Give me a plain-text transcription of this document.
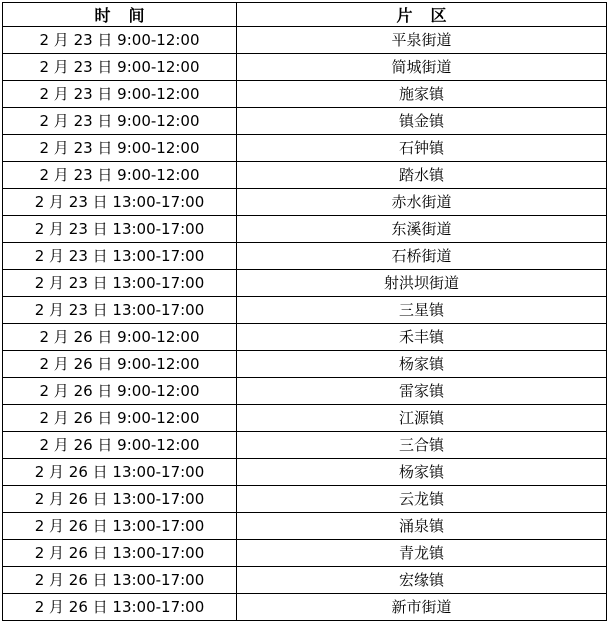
时 间	片 区
2 月 23 日 9:00-12:00	平泉街道
2 月 23 日 9:00-12:00	简城街道
2 月 23 日 9:00-12:00	施家镇
2 月 23 日 9:00-12:00	镇金镇
2 月 23 日 9:00-12:00	石钟镇
2 月 23 日 9:00-12:00	踏水镇
2 月 23 日 13:00-17:00	赤水街道
2 月 23 日 13:00-17:00	东溪街道
2 月 23 日 13:00-17:00	石桥街道
2 月 23 日 13:00-17:00	射洪坝街道
2 月 23 日 13:00-17:00	三星镇
2 月 26 日 9:00-12:00	禾丰镇
2 月 26 日 9:00-12:00	杨家镇
2 月 26 日 9:00-12:00	雷家镇
2 月 26 日 9:00-12:00	江源镇
2 月 26 日 9:00-12:00	三合镇
2 月 26 日 13:00-17:00	杨家镇
2 月 26 日 13:00-17:00	云龙镇
2 月 26 日 13:00-17:00	涌泉镇
2 月 26 日 13:00-17:00	青龙镇
2 月 26 日 13:00-17:00	宏缘镇
2 月 26 日 13:00-17:00	新市街道
